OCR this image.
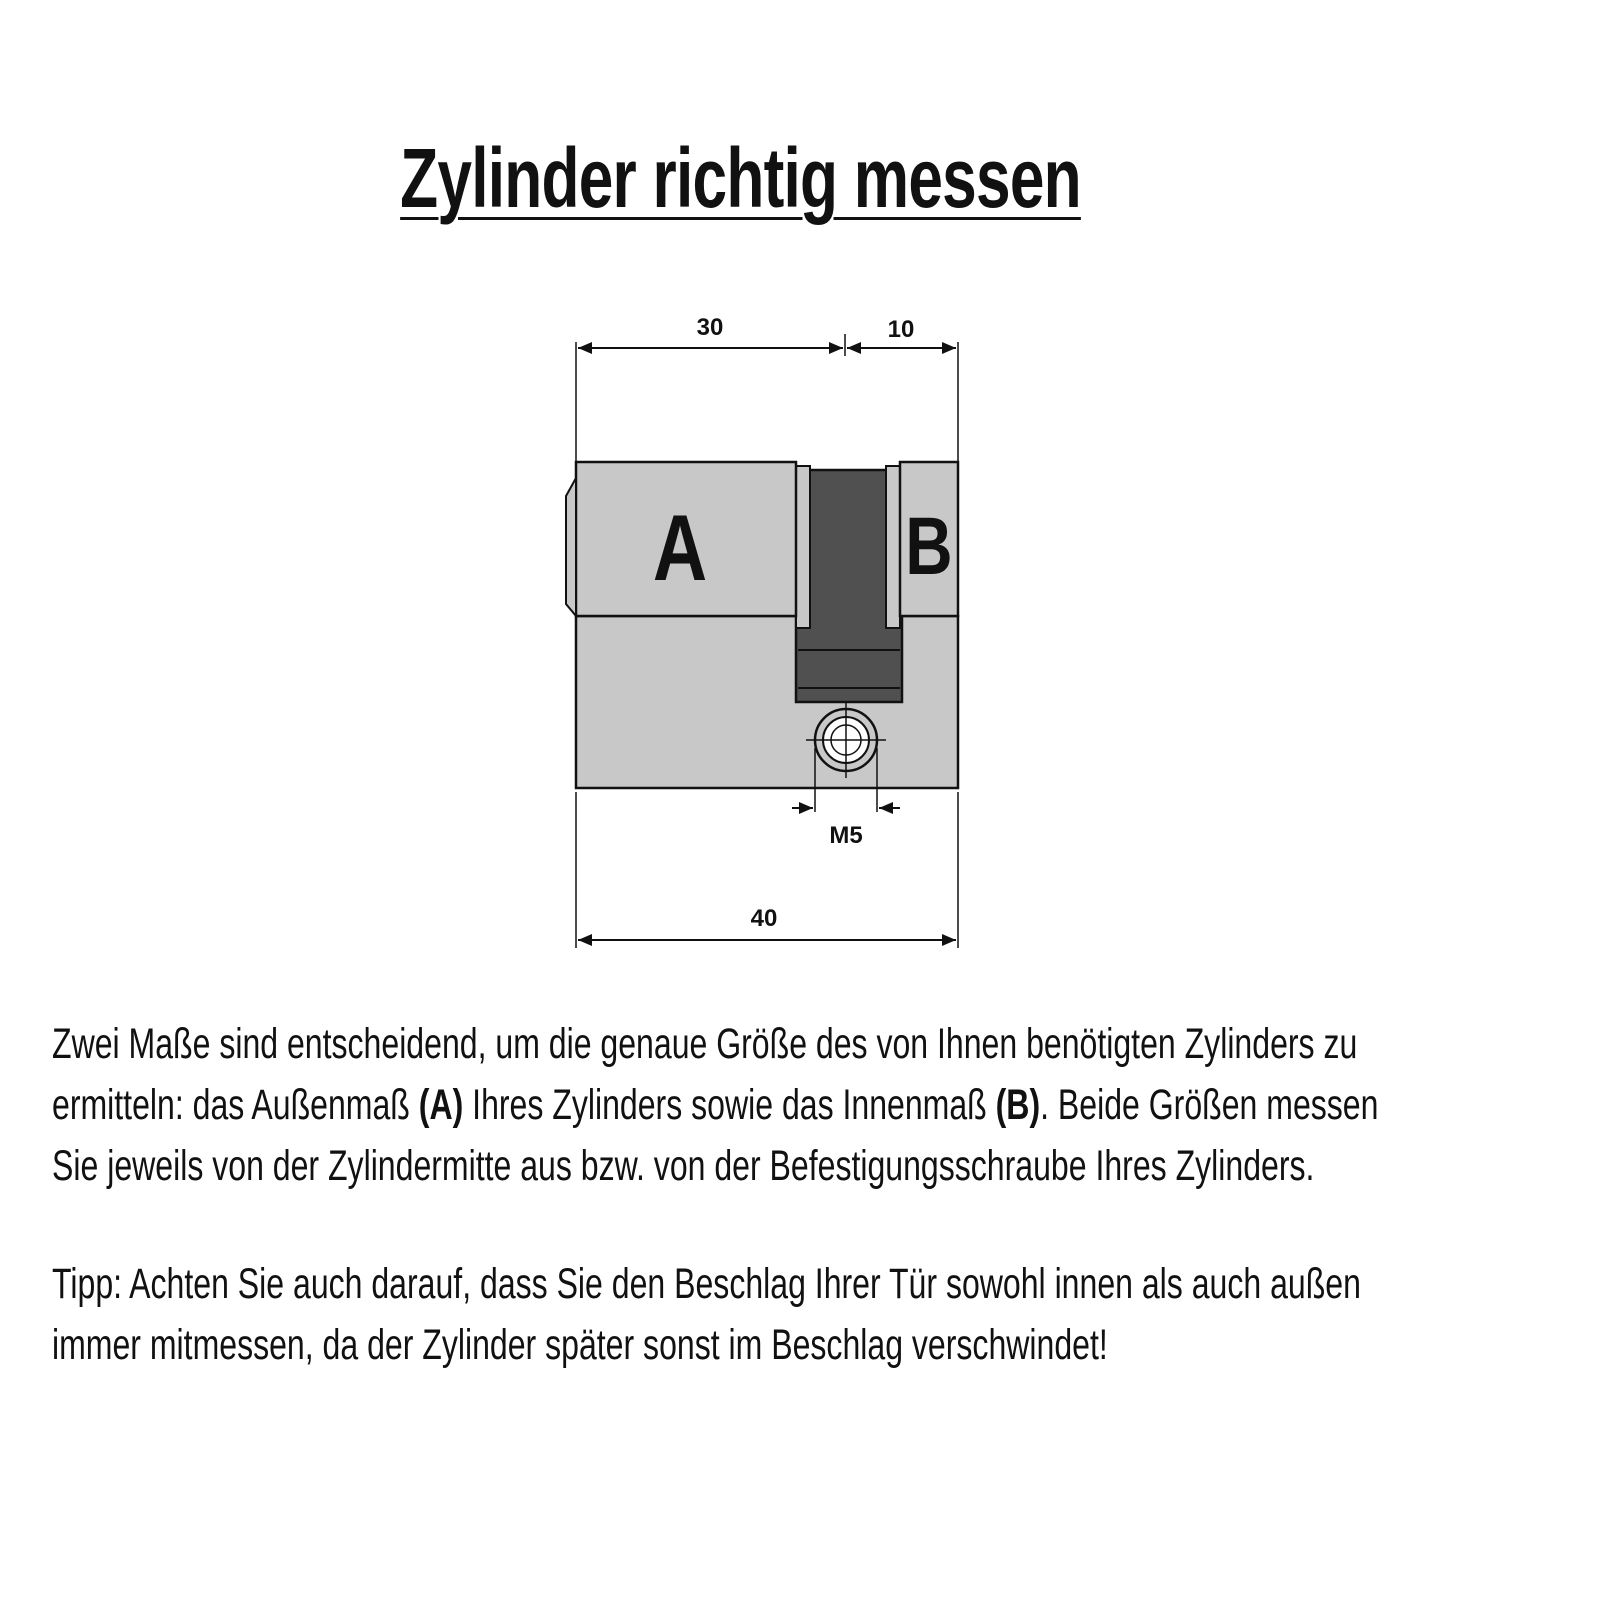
Zylinder richtig messen
30	10
A B
M5
40
Zwei Maße sind entscheidend, um die genaue Größe des von Ihnen benötigten Zylinders zu
ermitteln: das Außenmaß (A) Ihres Zylinders sowie das Innenmaß (B). Beide Größen messen
Sie jeweils von der Zylindermitte aus bzw. von der Befestigungsschraube Ihres Zylinders.
Tipp: Achten Sie auch darauf, dass Sie den Beschlag Ihrer Tür sowohl innen als auch außen
immer mitmessen, da der Zylinder später sonst im Beschlag verschwindet!
